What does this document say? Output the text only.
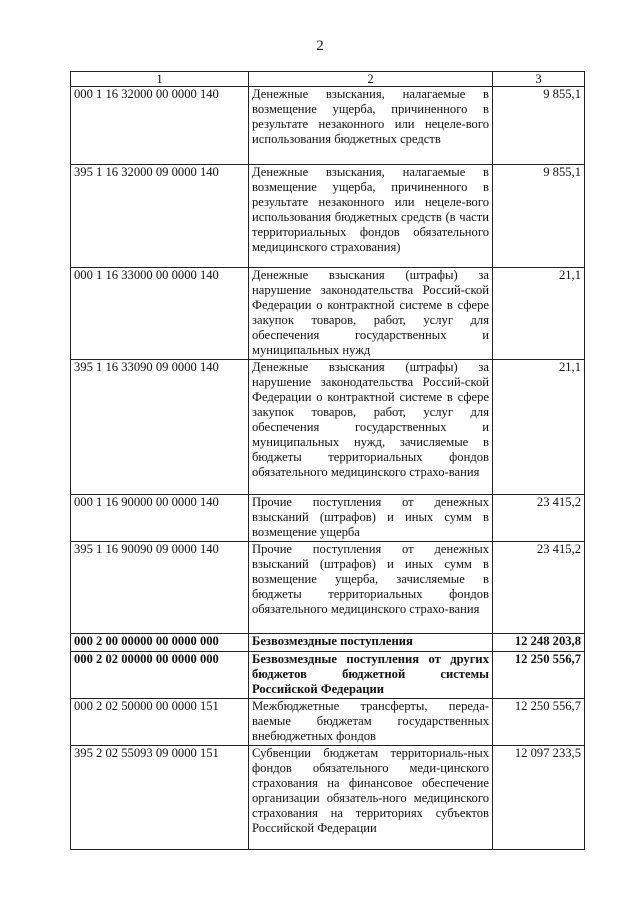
2
1	2	3
000 1 16 32000 00 0000 140	Денежные взыскания, налагаемые в возмещение ущерба, причиненного в результате незаконного или нецеле-вого использования бюджетных средств	9 855,1
395 1 16 32000 09 0000 140	Денежные взыскания, налагаемые в возмещение ущерба, причиненного в результате незаконного или нецеле-вого использования бюджетных средств (в части территориальных фондов обязательного медицинского страхования)	9 855,1
000 1 16 33000 00 0000 140	Денежные взыскания (штрафы) за нарушение законодательства Россий-ской Федерации о контрактной системе в сфере закупок товаров, работ, услуг для обеспечения государственных и муниципальных нужд	21,1
395 1 16 33090 09 0000 140	Денежные взыскания (штрафы) за нарушение законодательства Россий-ской Федерации о контрактной системе в сфере закупок товаров, работ, услуг для обеспечения государственных и муниципальных нужд, зачисляемые в бюджеты территориальных фондов обязательного медицинского страхо-вания	21,1
000 1 16 90000 00 0000 140	Прочие поступления от денежных взысканий (штрафов) и иных сумм в возмещение ущерба	23 415,2
395 1 16 90090 09 0000 140	Прочие поступления от денежных взысканий (штрафов) и иных сумм в возмещение ущерба, зачисляемые в бюджеты территориальных фондов обязательного медицинского страхо-вания	23 415,2
000 2 00 00000 00 0000 000	Безвозмездные поступления	12 248 203,8
000 2 02 00000 00 0000 000	Безвозмездные поступления от других бюджетов бюджетной системы Российской Федерации	12 250 556,7
000 2 02 50000 00 0000 151	Межбюджетные трансферты, переда-ваемые бюджетам государственных внебюджетных фондов	12 250 556,7
395 2 02 55093 09 0000 151	Субвенции бюджетам территориаль-ных фондов обязательного меди-цинского страхования на финансовое обеспечение организации обязатель-ного медицинского страхования на территориях субъектов Российской Федерации	12 097 233,5
